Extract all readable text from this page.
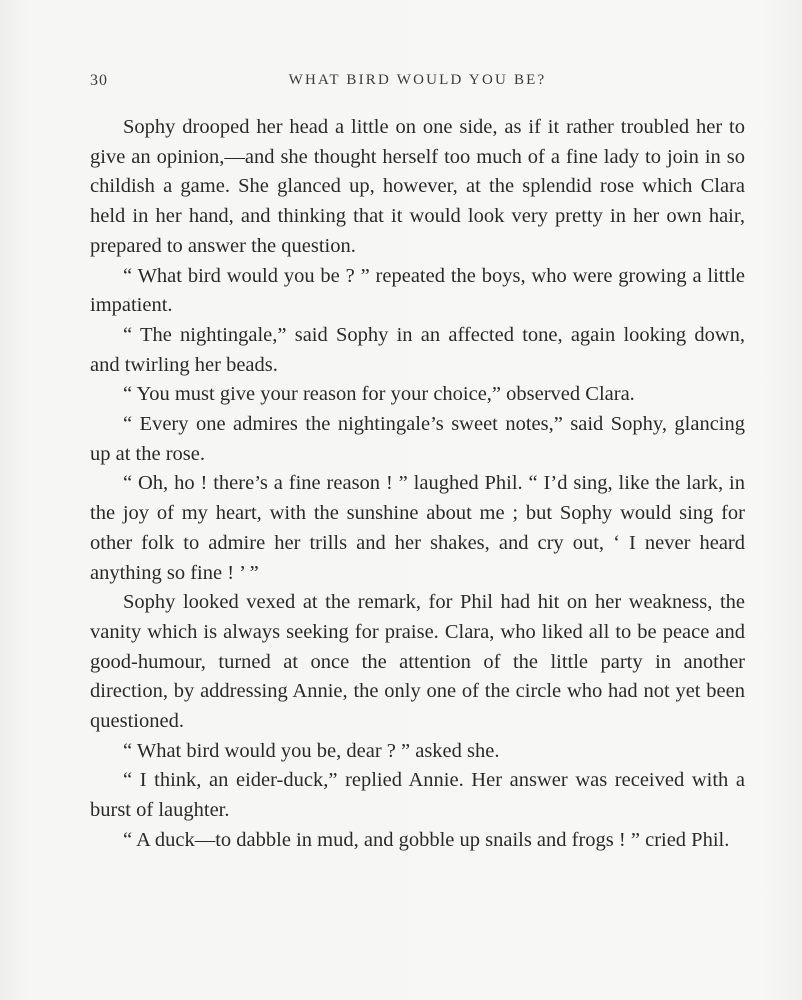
30	WHAT BIRD WOULD YOU BE?

Sophy drooped her head a little on one side, as if it rather troubled her to give an opinion,—and she thought herself too much of a fine lady to join in so childish a game. She glanced up, however, at the splendid rose which Clara held in her hand, and thinking that it would look very pretty in her own hair, prepared to answer the question.

“ What bird would you be ? ” repeated the boys, who were growing a little impatient.

“ The nightingale,” said Sophy in an affected tone, again looking down, and twirling her beads.

“ You must give your reason for your choice,” observed Clara.

“ Every one admires the nightingale’s sweet notes,” said Sophy, glancing up at the rose.

“ Oh, ho ! there’s a fine reason ! ” laughed Phil. “ I’d sing, like the lark, in the joy of my heart, with the sunshine about me ; but Sophy would sing for other folk to admire her trills and her shakes, and cry out, ‘ I never heard anything so fine ! ’ ”

Sophy looked vexed at the remark, for Phil had hit on her weakness, the vanity which is always seeking for praise. Clara, who liked all to be peace and good-humour, turned at once the attention of the little party in another direction, by addressing Annie, the only one of the circle who had not yet been questioned.

“ What bird would you be, dear ? ” asked she.

“ I think, an eider-duck,” replied Annie. Her answer was received with a burst of laughter.

“ A duck—to dabble in mud, and gobble up snails and frogs ! ” cried Phil.
